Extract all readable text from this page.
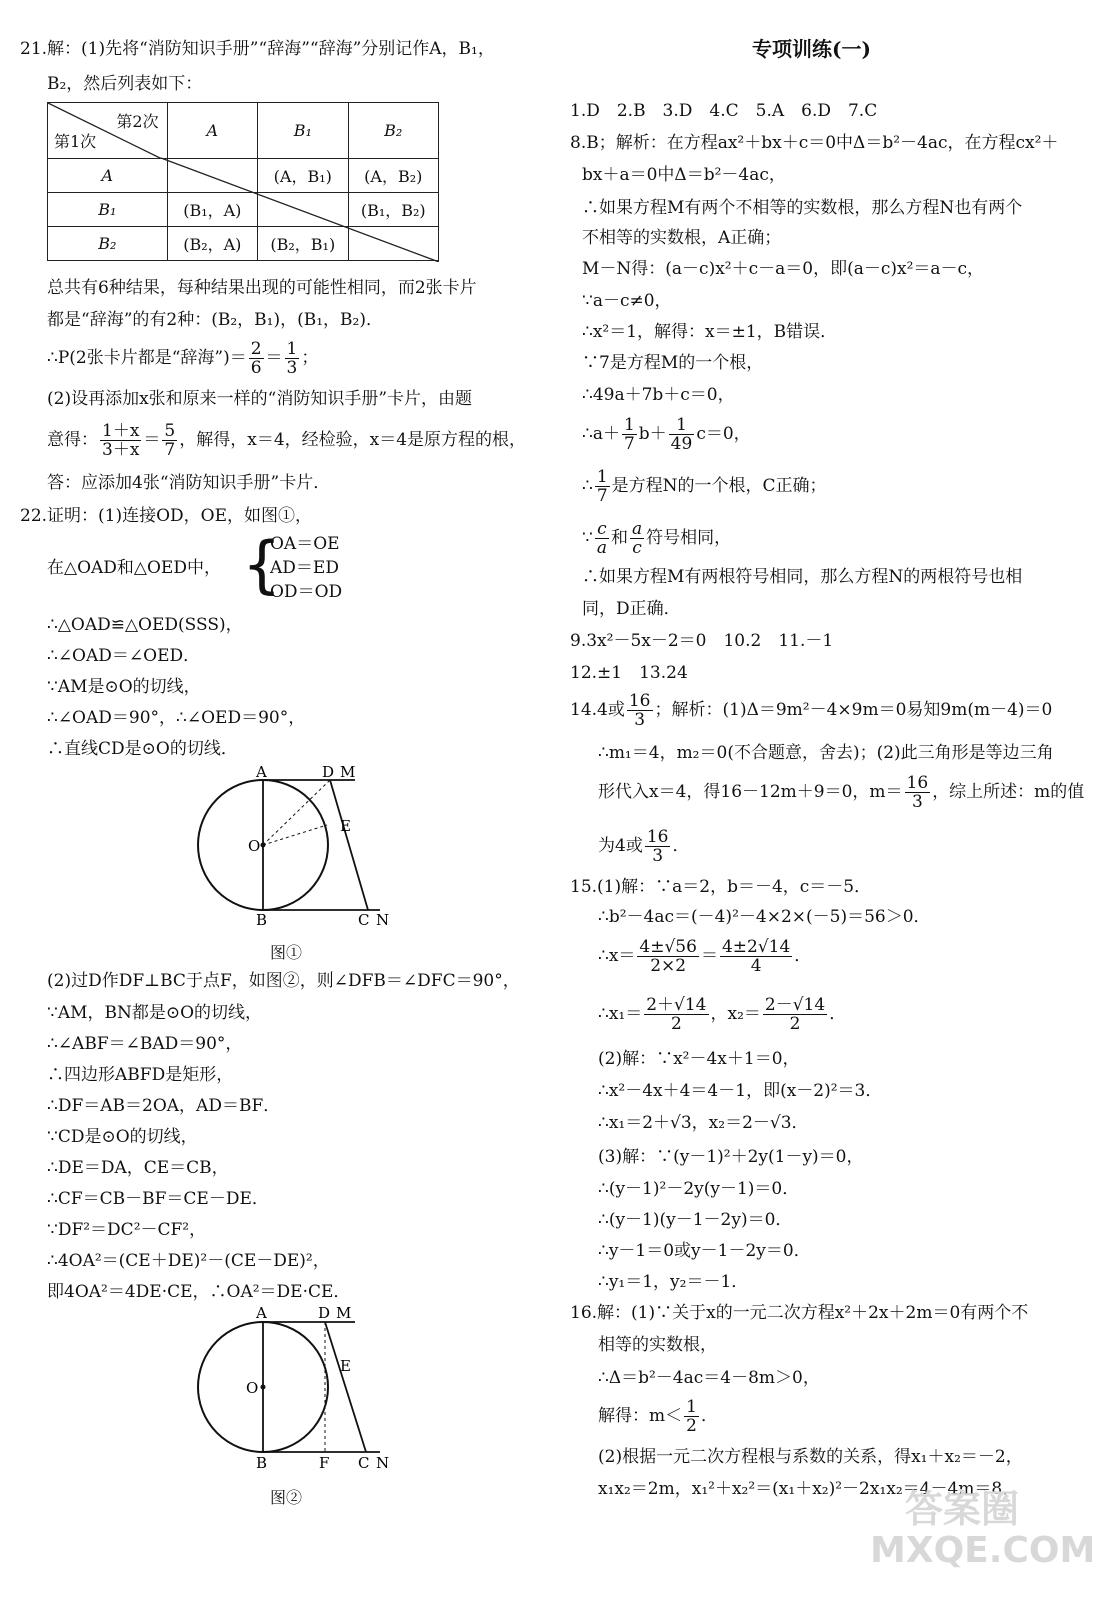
21.解：(1)先将“消防知识手册”“辞海”“辞海”分别记作A，B₁，
B₂，然后列表如下：
第2次
第1次	A	B₁	B₂
A		(A，B₁)	(A，B₂)
B₁	(B₁，A)		(B₁，B₂)
B₂	(B₂，A)	(B₂，B₁)	
总共有6种结果，每种结果出现的可能性相同，而2张卡片
都是“辞海”的有2种：(B₂，B₁)，(B₁，B₂)．
∴P(2张卡片都是“辞海”)＝ $\frac{2}{6} = \frac{1}{3}$ ；
(2)设再添加x张和原来一样的“消防知识手册”卡片，由题
意得： $\frac{1+x}{3+x} = \frac{5}{7}$ ，解得，x＝4，经检验，x＝4是原方程的根，
答：应添加4张“消防知识手册”卡片．
22.证明：(1)连接OD，OE，如图①，
在△OAD和△OED中， {
OA＝OE
AD＝ED
OD＝OD
∴△OAD≌△OED(SSS)，
∴∠OAD＝∠OED．
∵AM是⊙O的切线，
∴∠OAD＝90°，∴∠OED＝90°，
∴直线CD是⊙O的切线．
A
B
O
D M
E
C N
图①
(2)过D作DF⊥BC于点F，如图②，则∠DFB＝∠DFC＝90°，
∵AM，BN都是⊙O的切线，
∴∠ABF＝∠BAD＝90°，
∴四边形ABFD是矩形，
∴DF＝AB＝2OA，AD＝BF．
∵CD是⊙O的切线，
∴DE＝DA，CE＝CB，
∴CF＝CB－BF＝CE－DE．
∵DF²＝DC²－CF²，
∴4OA²＝(CE＋DE)²－(CE－DE)²，
即4OA²＝4DE·CE，∴OA²＝DE·CE．
A
B
O
D M
E
F C N
图②
专项训练(一)
1.D　2.B　3.D　4.C　5.A　6.D　7.C
8.B；解析：在方程ax²＋bx＋c＝0中Δ＝b²－4ac，在方程cx²＋
bx＋a＝0中Δ＝b²－4ac，
∴如果方程M有两个不相等的实数根，那么方程N也有两个
不相等的实数根，A正确；
M－N得：(a－c)x²＋c－a＝0，即(a－c)x²＝a－c，
∵a－c≠0，
∴x²＝1，解得：x＝±1，B错误．
∵7是方程M的一个根，
∴49a＋7b＋c＝0，
∴a＋ $\frac{1}{7} b+ \frac{1}{49} c=0$，
∴ $\frac{1}{7}$ 是方程N的一个根，C正确；
∵ $\frac{c}{a}$ 和 $\frac{a}{c}$ 符号相同，
∴如果方程M有两根符号相同，那么方程N的两根符号也相
同，D正确．
9.3x²－5x－2＝0　10.2　11.－1
12.±1　13.24
14.4或 $\frac{16}{3}$ ；解析：(1)Δ＝9m²－4×9m＝0易知9m(m－4)＝0
∴m₁＝4，m₂＝0(不合题意，舍去)；(2)此三角形是等边三角
形代入x＝4，得16－12m＋9＝0，$m= \frac{16}{3}$ ，综上所述：m的值
为4或 $\frac{16}{3}$ ．
15.(1)解：∵a＝2，b＝－4，c＝－5．
∴b²－4ac＝(－4)²－4×2×(－5)＝56＞0．
∴x＝ $\frac{4\pm√56}{2\times 2} = \frac{4\pm 2√14}{4}$ ．
∴x₁＝ $\frac{2+√14}{2}$ ，$x_2= \frac{2-√14}{2}$ ．
(2)解：∵x²－4x＋1＝0，
∴x²－4x＋4＝4－1，即(x－2)²＝3．
∴x₁＝2＋√3，x₂＝2－√3．
(3)解：∵(y－1)²＋2y(1－y)＝0，
∴(y－1)²－2y(y－1)＝0．
∴(y－1)(y－1－2y)＝0．
∴y－1＝0或y－1－2y＝0．
∴y₁＝1，y₂＝－1．
16.解：(1)∵关于x的一元二次方程x²＋2x＋2m＝0有两个不
相等的实数根，
∴Δ＝b²－4ac＝4－8m＞0，
解得：$m< \frac{1}{2}$ ．
(2)根据一元二次方程根与系数的关系，得x₁＋x₂＝－2，
x₁x₂＝2m，x₁²＋x₂²＝(x₁＋x₂)²－2x₁x₂＝4－4m＝8，
答案圈
MXQE.COM
